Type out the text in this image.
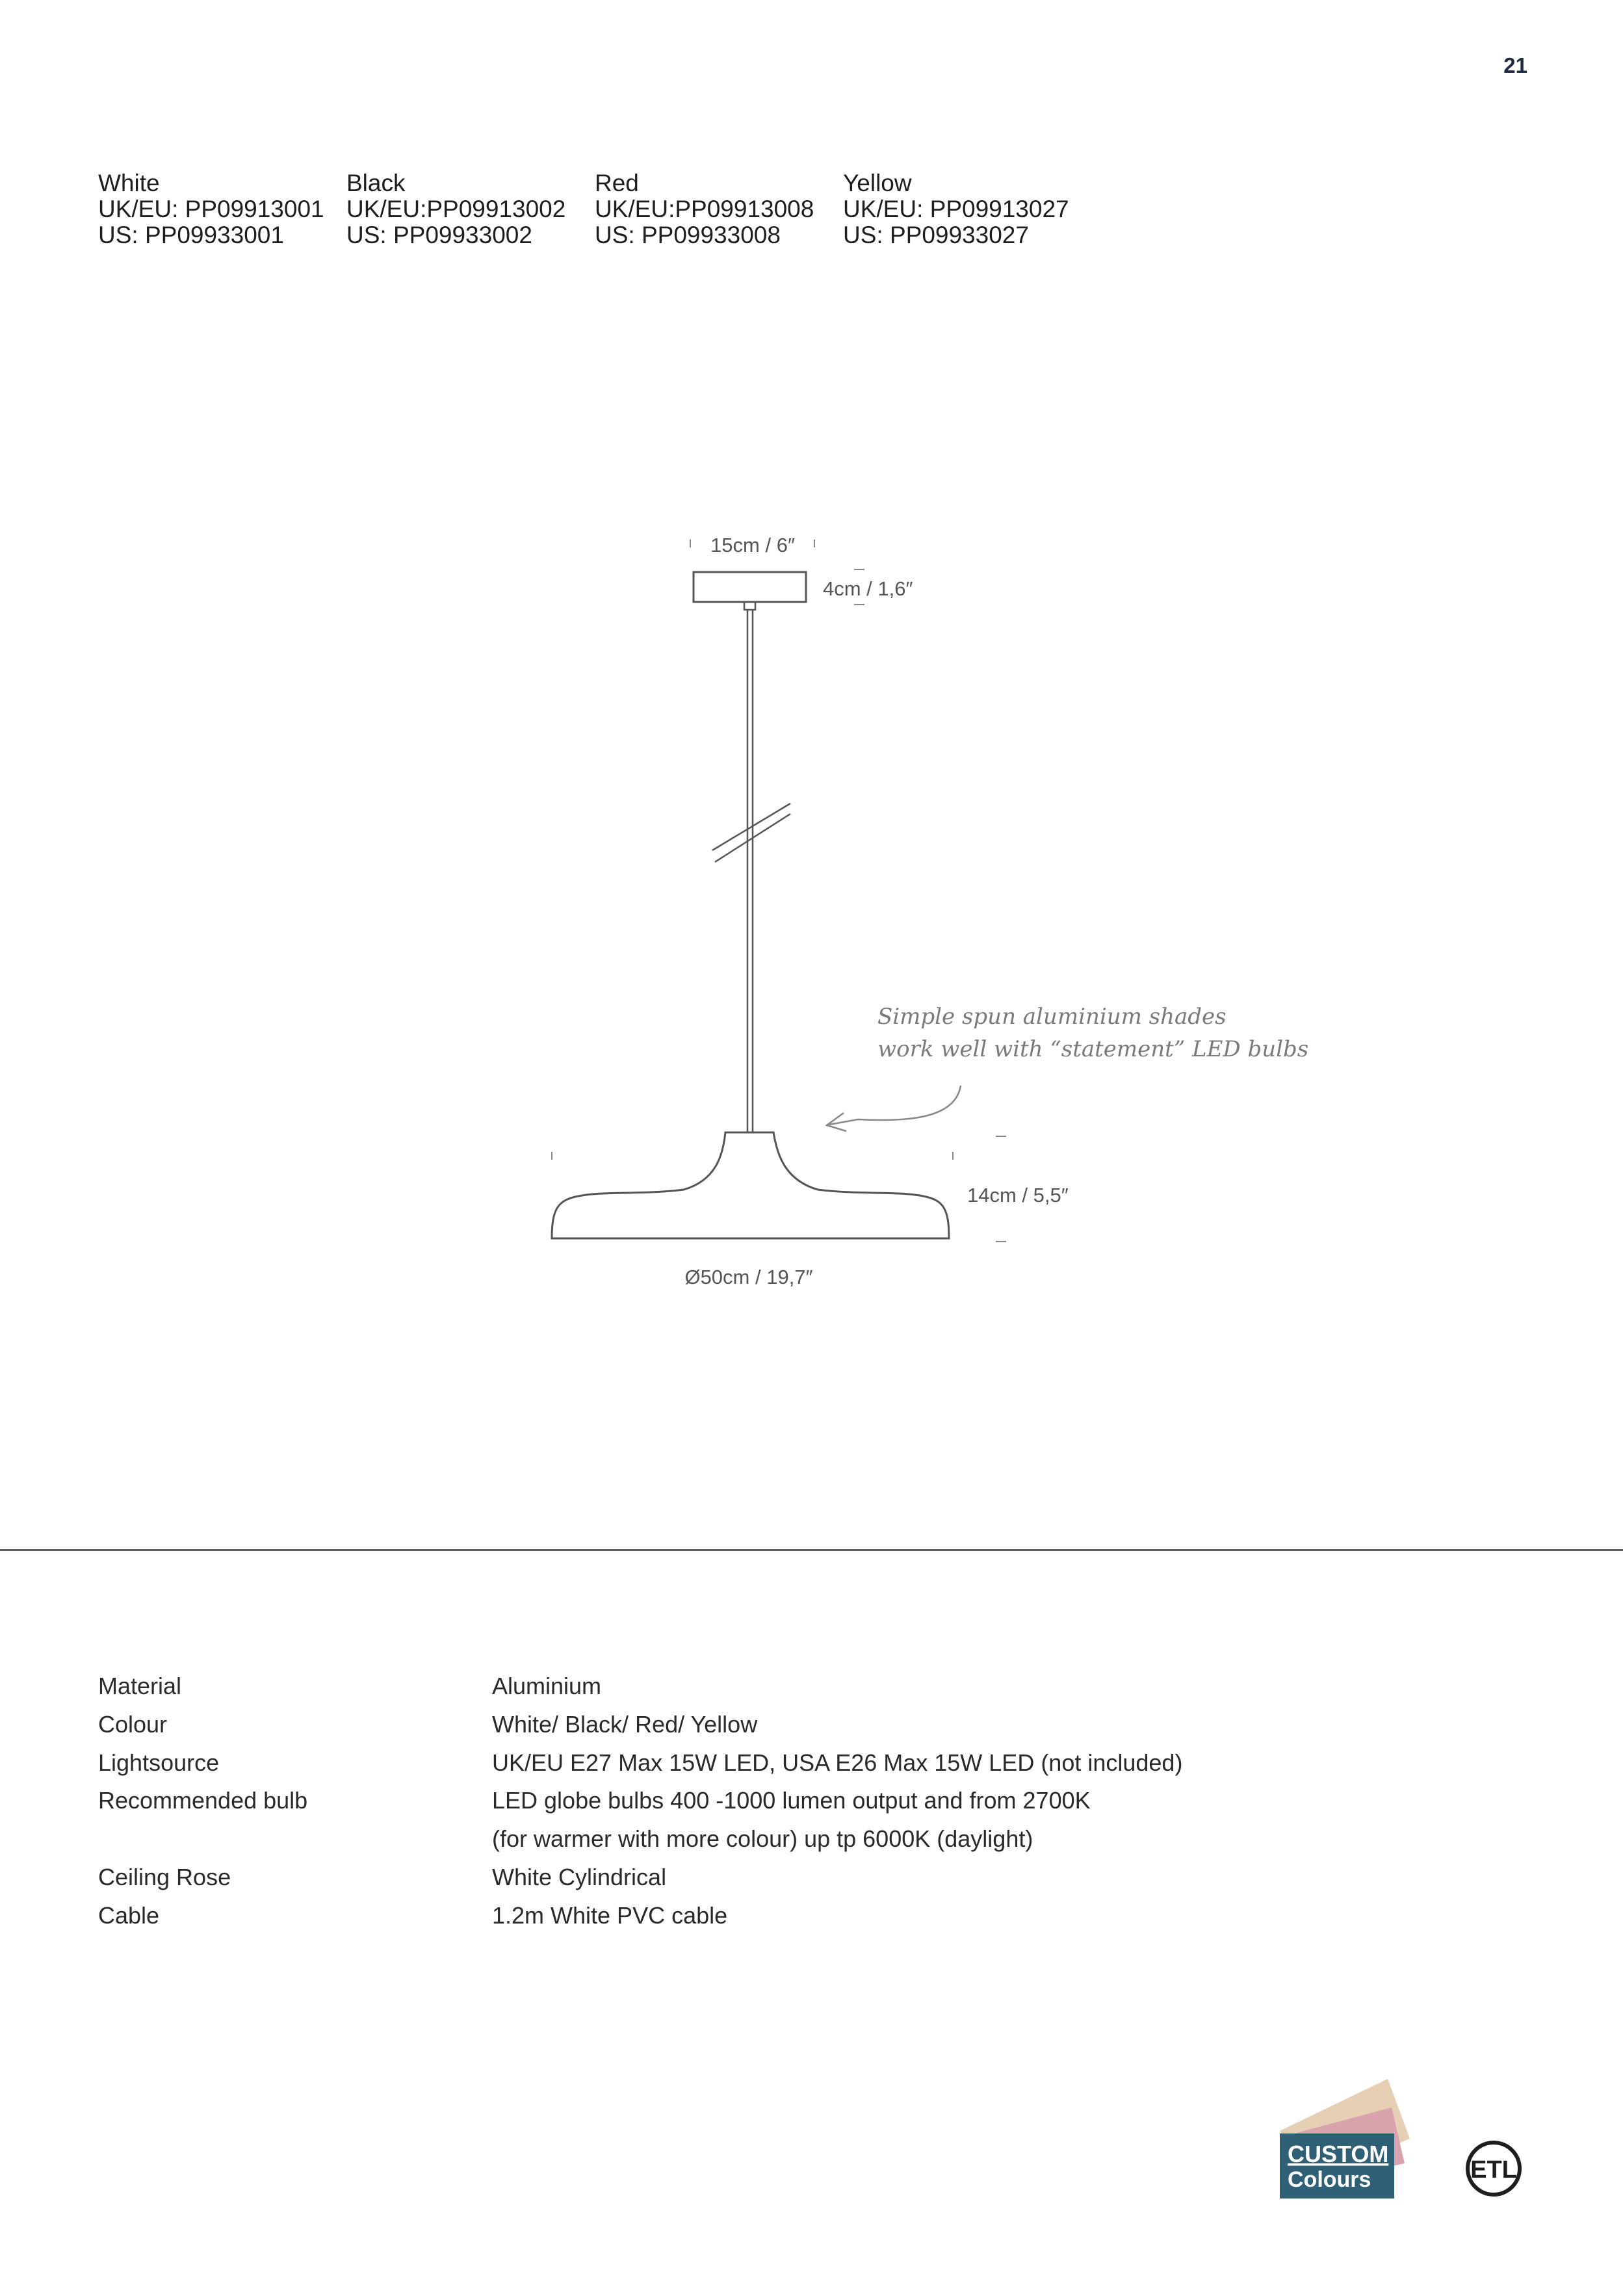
21
White
UK/EU: PP09913001
US: PP09933001
Black
UK/EU:PP09913002
US: PP09933002
Red
UK/EU:PP09913008
US: PP09933008
Yellow
UK/EU: PP09913027
US: PP09933027
15cm / 6″
4cm / 1,6″
14cm / 5,5″
Ø50cm / 19,7″
Simple spun aluminium shades
work well with “statement” LED bulbs
Material	Aluminium
Colour	White/ Black/ Red/ Yellow
Lightsource	UK/EU E27 Max 15W LED, USA E26 Max 15W LED (not included)
Recommended bulb	LED globe bulbs 400 -1000 lumen output and from 2700K
(for warmer with more colour) up tp 6000K (daylight)
Ceiling Rose	White Cylindrical
Cable	1.2m White PVC cable
CUSTOM
Colours	ETL
